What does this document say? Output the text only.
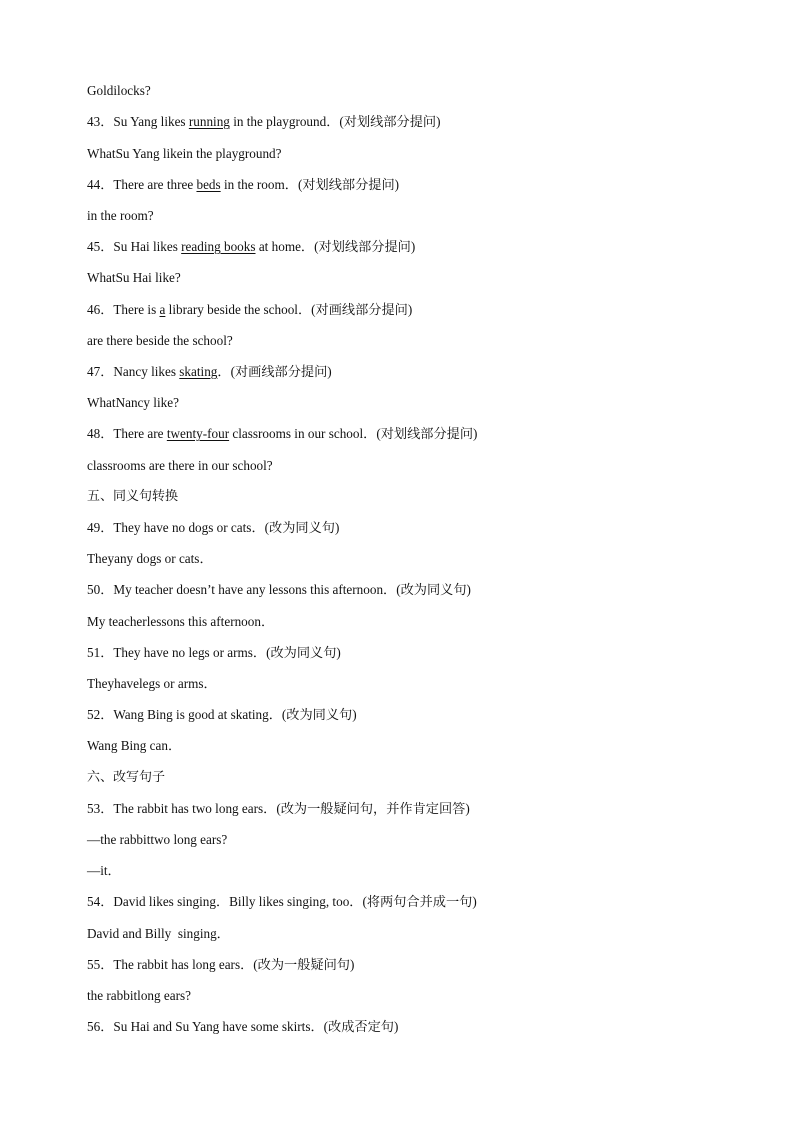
Goldilocks?
43．Su Yang likes running in the playground．(对划线部分提问)
WhatSu Yang likein the playground?
44．There are three beds in the room．(对划线部分提问)
in the room?
45．Su Hai likes reading books at home．(对划线部分提问)
WhatSu Hai like?
46．There is a library beside the school．(对画线部分提问)
are there beside the school?
47．Nancy likes skating．(对画线部分提问)
WhatNancy like?
48．There are twenty-four classrooms in our school．(对划线部分提问)
classrooms are there in our school?
五、同义句转换
49．They have no dogs or cats．(改为同义句)
Theyany dogs or cats．
50．My teacher doesn’t have any lessons this afternoon．(改为同义句)
My teacherlessons this afternoon．
51．They have no legs or arms．(改为同义句)
Theyhavelegs or arms．
52．Wang Bing is good at skating．(改为同义句)
Wang Bing can．
六、改写句子
53．The rabbit has two long ears．(改为一般疑问句，并作肯定回答)
—the rabbittwo long ears?
—it．
54．David likes singing．Billy likes singing, too．(将两句合并成一句)
David and Billy singing．
55．The rabbit has long ears．(改为一般疑问句)
the rabbitlong ears?
56．Su Hai and Su Yang have some skirts．(改成否定句)
